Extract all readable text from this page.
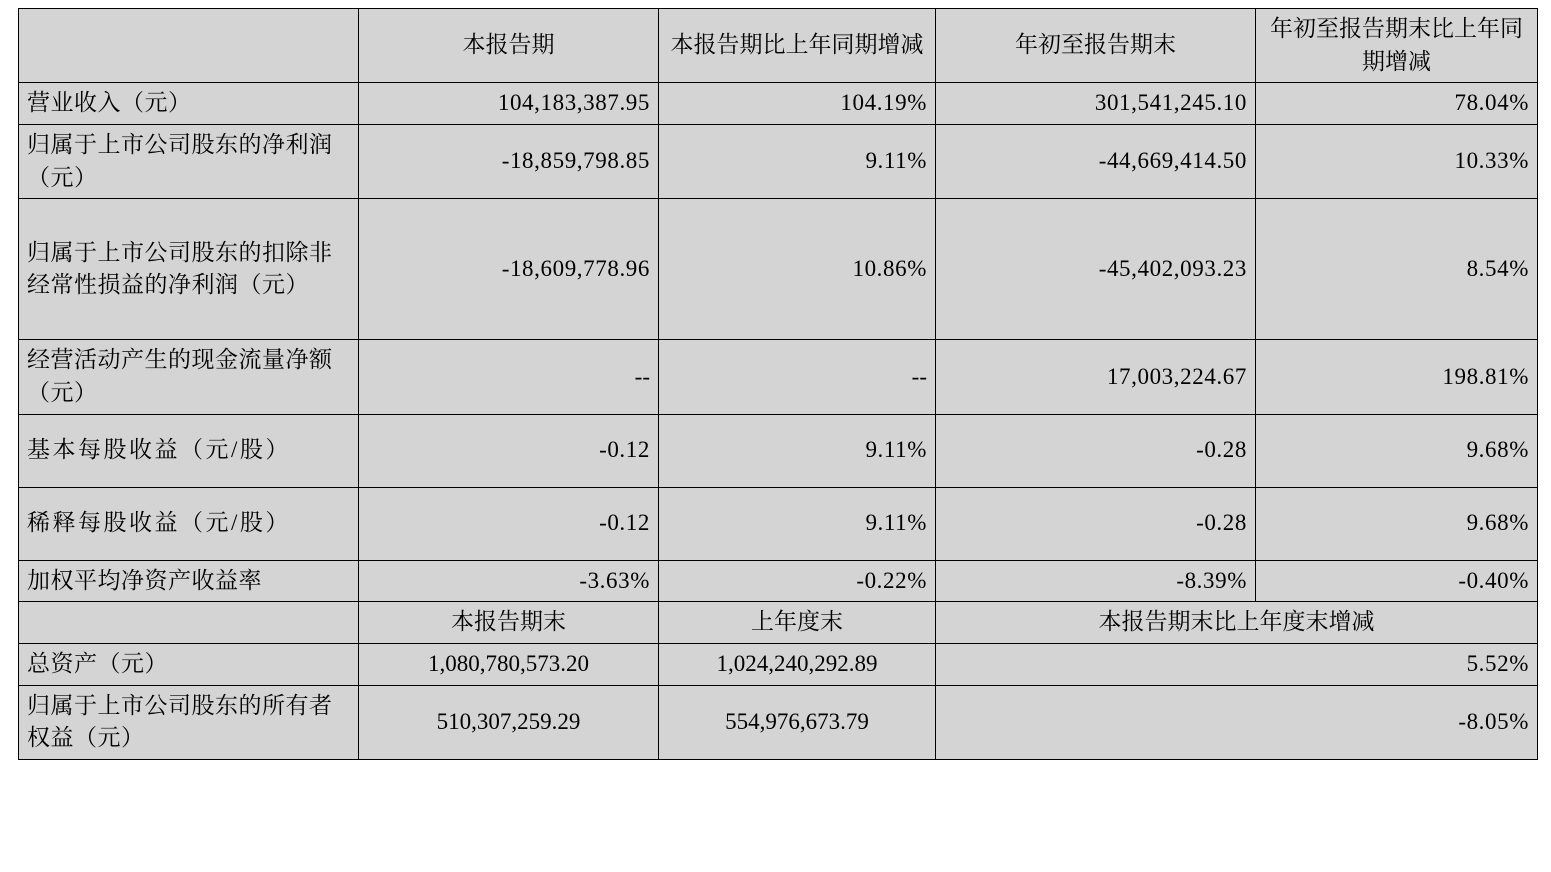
	本报告期	本报告期比上年同期增减	年初至报告期末	年初至报告期末比上年同期增减
营业收入（元）	104,183,387.95	104.19%	301,541,245.10	78.04%
归属于上市公司股东的净利润（元）	-18,859,798.85	9.11%	-44,669,414.50	10.33%
归属于上市公司股东的扣除非经常性损益的净利润（元）	-18,609,778.96	10.86%	-45,402,093.23	8.54%
经营活动产生的现金流量净额（元）	--	--	17,003,224.67	198.81%
基本每股收益（元/股）	-0.12	9.11%	-0.28	9.68%
稀释每股收益（元/股）	-0.12	9.11%	-0.28	9.68%
加权平均净资产收益率	-3.63%	-0.22%	-8.39%	-0.40%
	本报告期末	上年度末	本报告期末比上年度末增减	
总资产（元）	1,080,780,573.20	1,024,240,292.89	5.52%	
归属于上市公司股东的所有者权益（元）	510,307,259.29	554,976,673.79	-8.05%	
